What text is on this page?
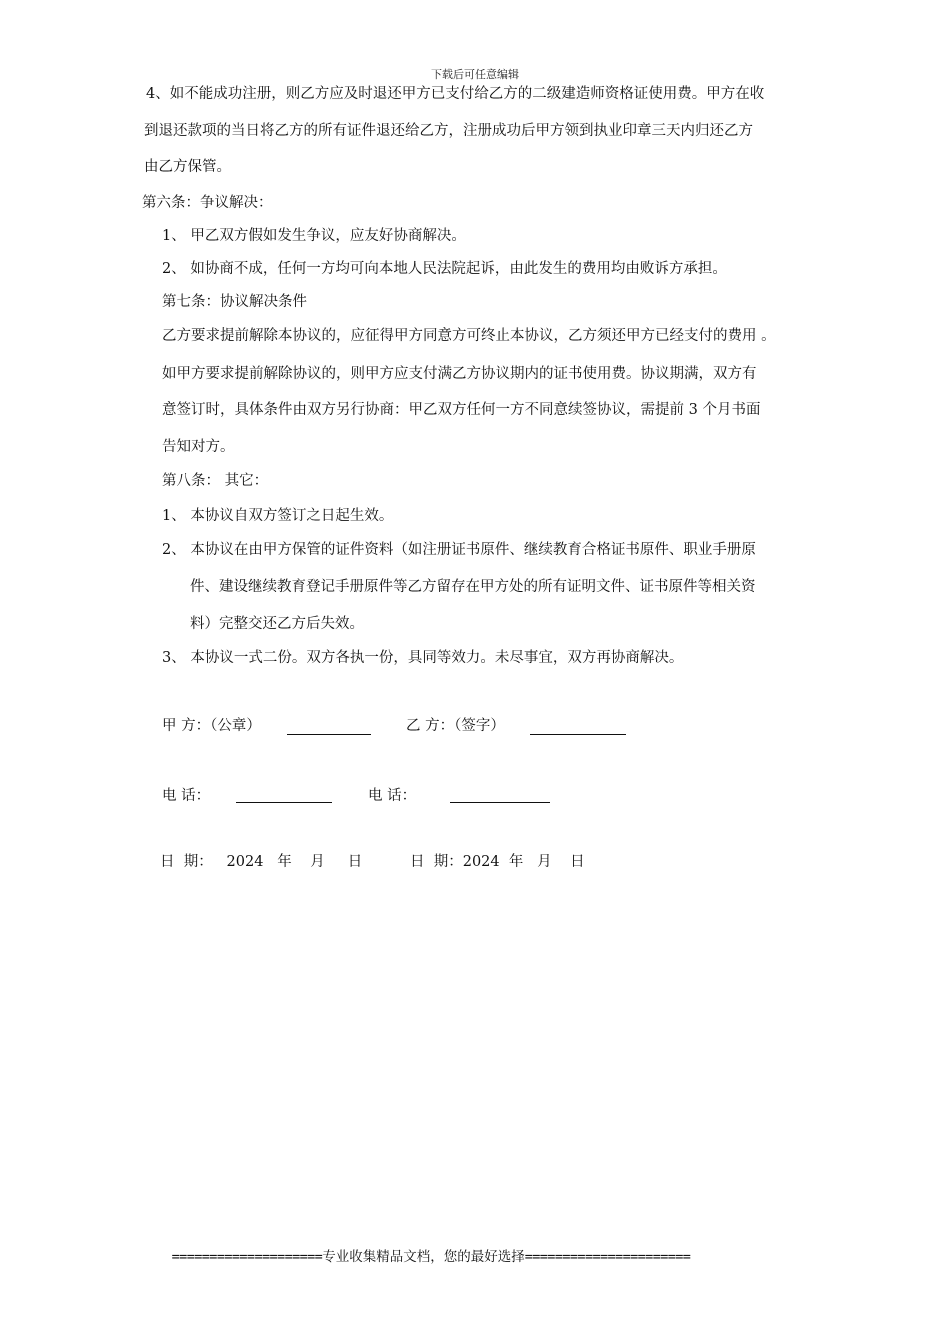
下载后可任意编辑
4、如不能成功注册，则乙方应及时退还甲方已支付给乙方的二级建造师资格证使用费。甲方在收
到退还款项的当日将乙方的所有证件退还给乙方，注册成功后甲方领到执业印章三天内归还乙方
由乙方保管。
第六条：争议解决：
1、 甲乙双方假如发生争议，应友好协商解决。
2、 如协商不成，任何一方均可向本地人民法院起诉，由此发生的费用均由败诉方承担。
第七条：协议解决条件
乙方要求提前解除本协议的，应征得甲方同意方可终止本协议，乙方须还甲方已经支付的费用 。
如甲方要求提前解除协议的，则甲方应支付满乙方协议期内的证书使用费。协议期满，双方有
意签订时，具体条件由双方另行协商：甲乙双方任何一方不同意续签协议，需提前 3 个月书面
告知对方。
第八条： 其它：
1、 本协议自双方签订之日起生效。
2、 本协议在由甲方保管的证件资料（如注册证书原件、继续教育合格证书原件、职业手册原
件、建设继续教育登记手册原件等乙方留存在甲方处的所有证明文件、证书原件等相关资
料）完整交还乙方后失效。
3、 本协议一式二份。双方各执一份，具同等效力。未尽事宜，双方再协商解决。
甲 方：（公章）	乙 方：（签字）
电 话：	电 话：
日  期：   2024   年    月     日	日  期：2024  年   月    日
====================专业收集精品文档，您的最好选择======================
